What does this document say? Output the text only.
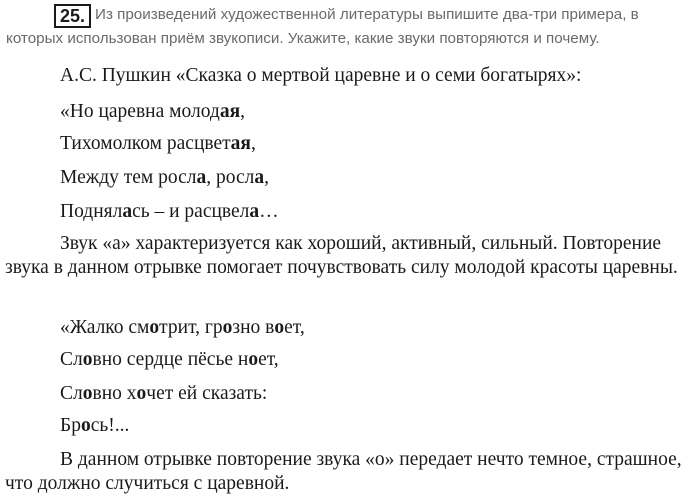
25. Из произведений художественной литературы выпишите два-три примера, в которых использован приём звукописи. Укажите, какие звуки повторяются и почему.
А.С. Пушкин «Сказка о мертвой царевне и о семи богатырях»:
«Но царевна молодая,
Тихомолком расцветая,
Между тем росла, росла,
Поднялась – и расцвела…
Звук «а» характеризуется как хороший, активный, сильный. Повторение звука в данном отрывке помогает почувствовать силу молодой красоты царевны.
«Жалко смотрит, грозно воет,
Словно сердце пёсье ноет,
Словно хочет ей сказать:
Брось!...
В данном отрывке повторение звука «о» передает нечто темное, страшное, что должно случиться с царевной.
